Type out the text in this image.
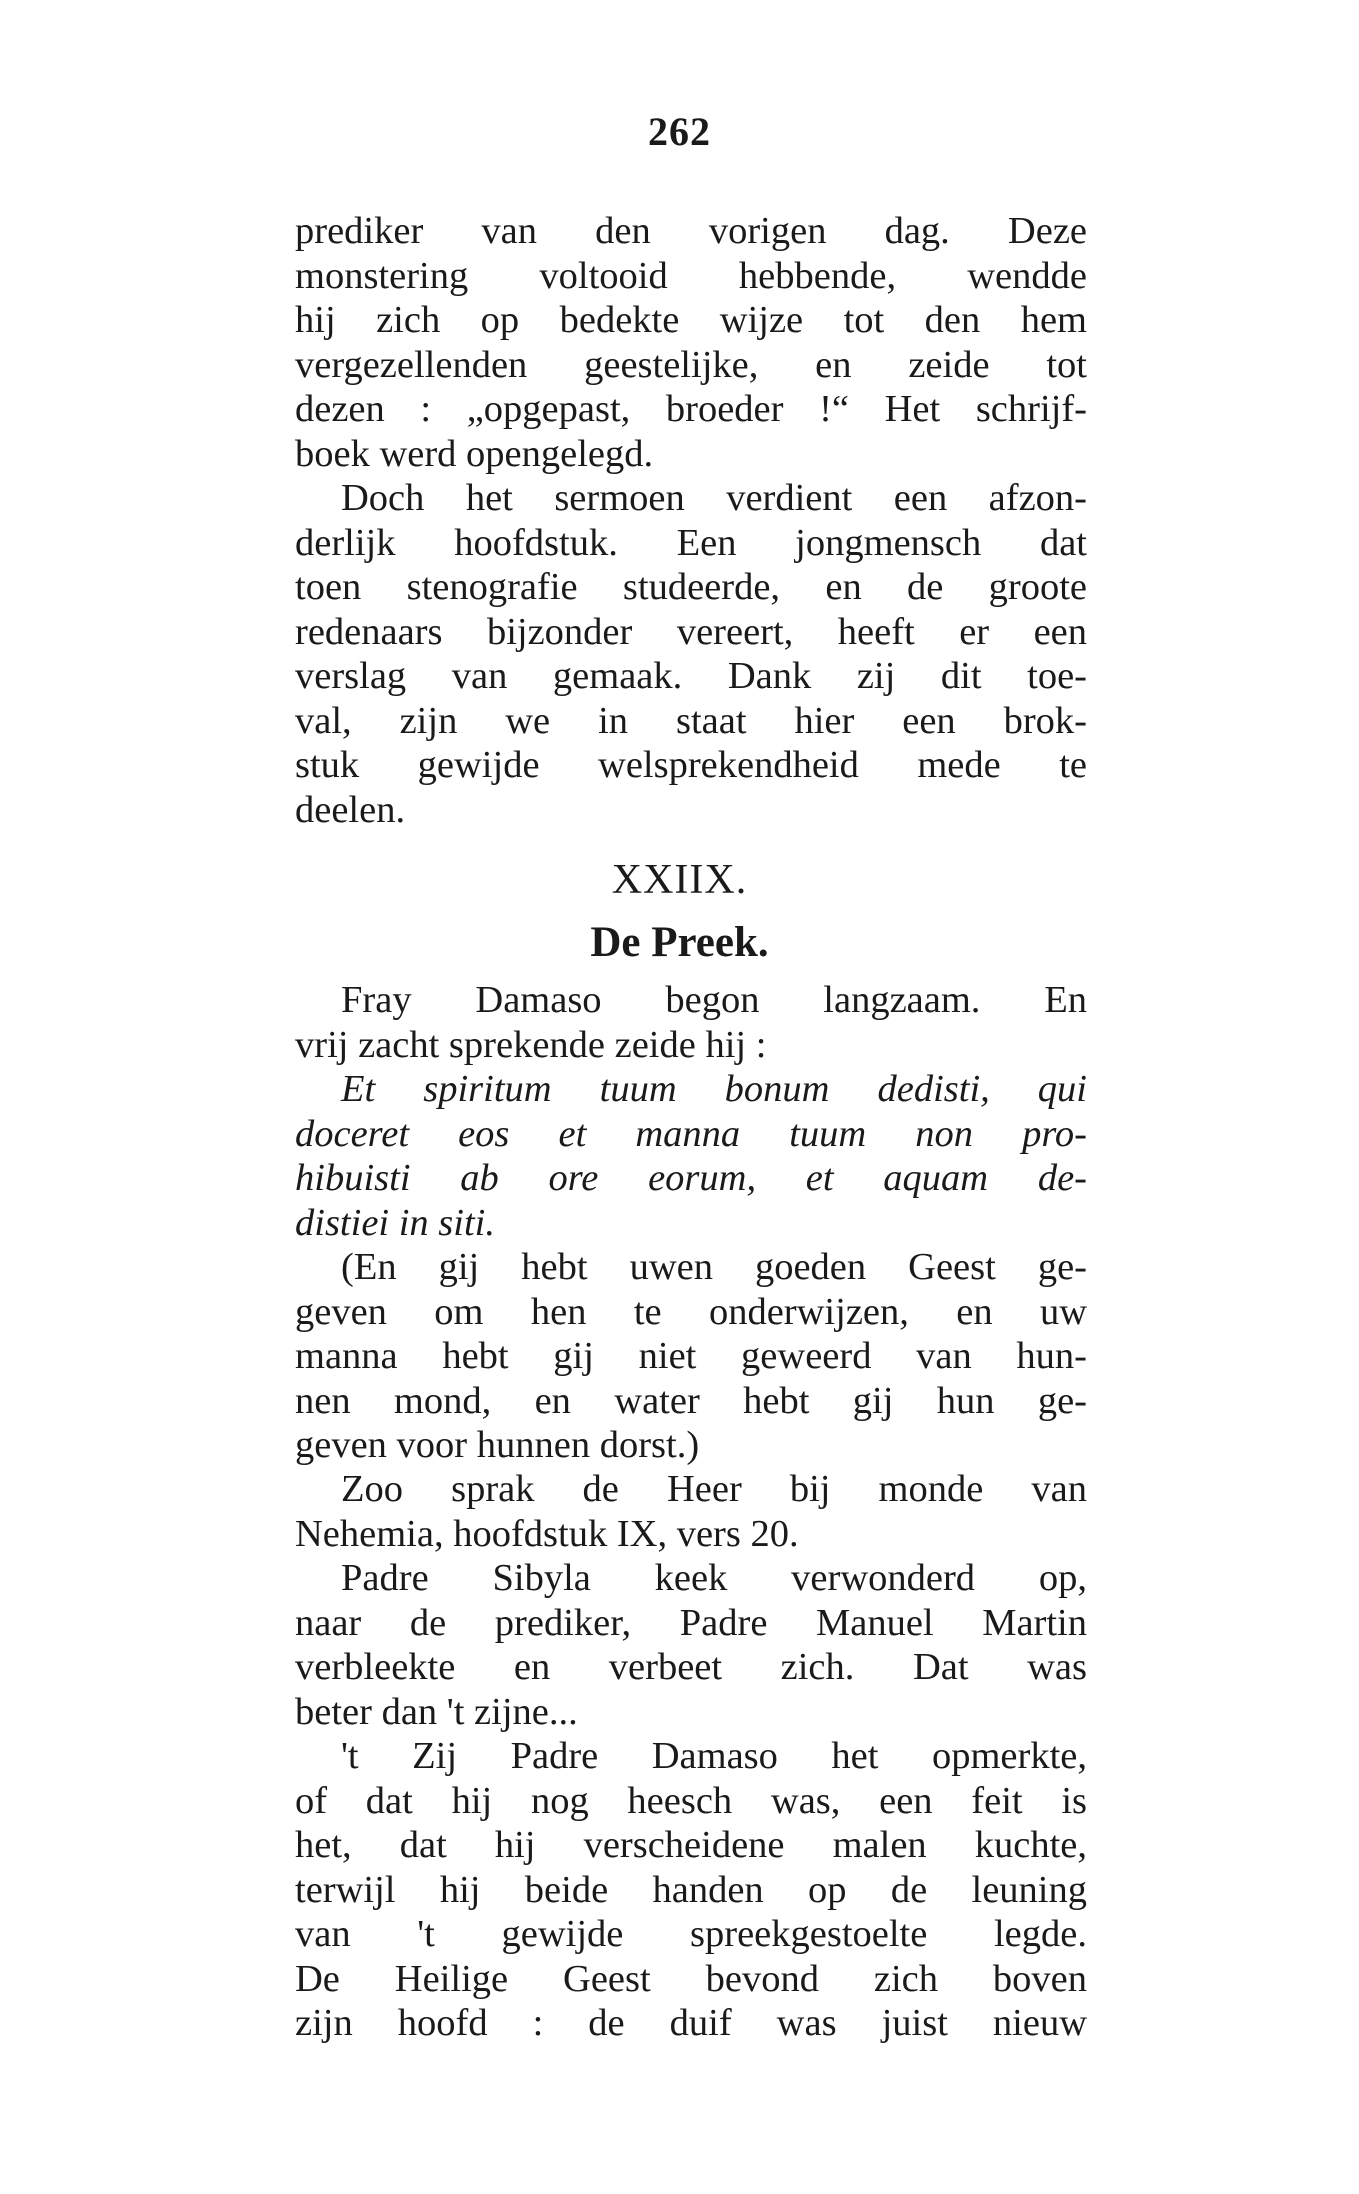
262
prediker van den vorigen dag. Deze
monstering voltooid hebbende, wendde
hij zich op bedekte wijze tot den hem
vergezellenden geestelijke, en zeide tot
dezen : „opgepast, broeder !“ Het schrijf-
boek werd opengelegd.
Doch het sermoen verdient een afzon-
derlijk hoofdstuk. Een jongmensch dat
toen stenografie studeerde, en de groote
redenaars bijzonder vereert, heeft er een
verslag van gemaak. Dank zij dit toe-
val, zijn we in staat hier een brok-
stuk gewijde welsprekendheid mede te
deelen.
XXIIX.
De Preek.
Fray Damaso begon langzaam. En
vrij zacht sprekende zeide hij :
Et spiritum tuum bonum dedisti, qui
doceret eos et manna tuum non pro-
hibuisti ab ore eorum, et aquam de-
distiei in siti.
(En gij hebt uwen goeden Geest ge-
geven om hen te onderwijzen, en uw
manna hebt gij niet geweerd van hun-
nen mond, en water hebt gij hun ge-
geven voor hunnen dorst.)
Zoo sprak de Heer bij monde van
Nehemia, hoofdstuk IX, vers 20.
Padre Sibyla keek verwonderd op,
naar de prediker, Padre Manuel Martin
verbleekte en verbeet zich. Dat was
beter dan 't zijne...
't Zij Padre Damaso het opmerkte,
of dat hij nog heesch was, een feit is
het, dat hij verscheidene malen kuchte,
terwijl hij beide handen op de leuning
van 't gewijde spreekgestoelte legde.
De Heilige Geest bevond zich boven
zijn hoofd : de duif was juist nieuw
